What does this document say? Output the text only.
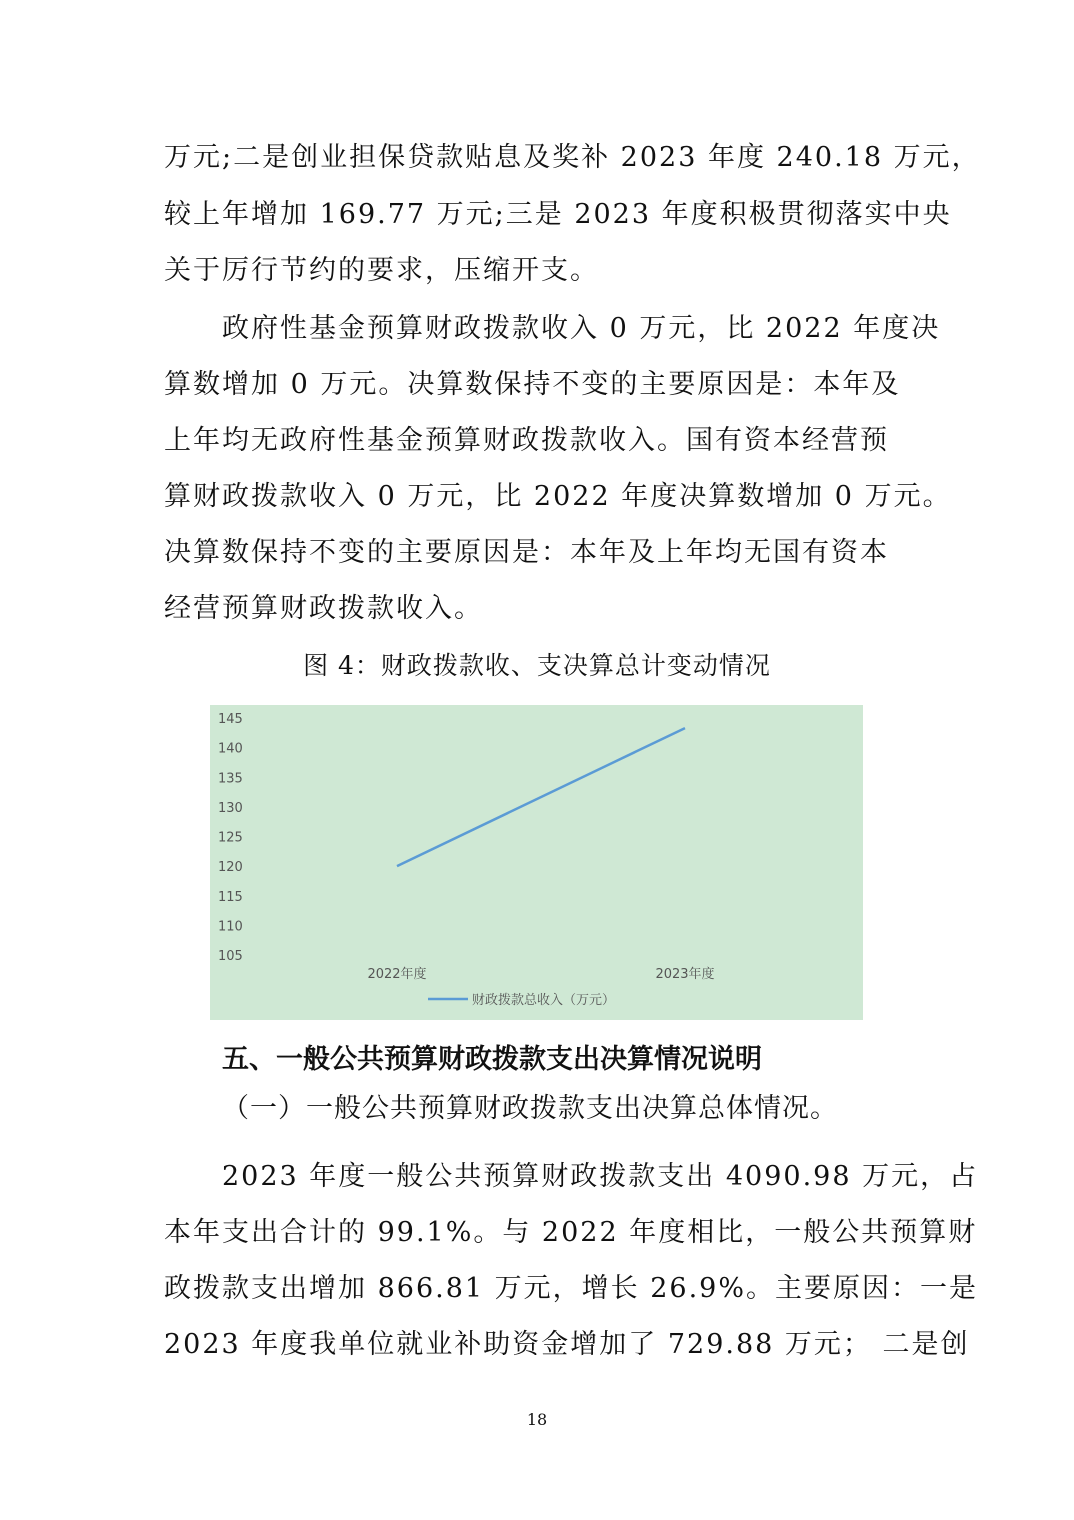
万元;二是创业担保贷款贴息及奖补 2023 年度 240.18 万元，
较上年增加 169.77 万元;三是 2023 年度积极贯彻落实中央
关于厉行节约的要求，压缩开支。
政府性基金预算财政拨款收入 0 万元，比 2022 年度决
算数增加 0 万元。决算数保持不变的主要原因是：本年及
上年均无政府性基金预算财政拨款收入。国有资本经营预
算财政拨款收入 0 万元，比 2022 年度决算数增加 0 万元。
决算数保持不变的主要原因是：本年及上年均无国有资本
经营预算财政拨款收入。
图 4：财政拨款收、支决算总计变动情况
145
140
135
130
125
120
115
110
105
2022年度	2023年度
财政拨款总收入（万元）
五、一般公共预算财政拨款支出决算情况说明
（一）一般公共预算财政拨款支出决算总体情况。
2023 年度一般公共预算财政拨款支出 4090.98 万元，占
本年支出合计的 99.1%。与 2022 年度相比，一般公共预算财
政拨款支出增加 866.81 万元，增长 26.9%。主要原因：一是
2023 年度我单位就业补助资金增加了 729.88 万元； 二是创
18
